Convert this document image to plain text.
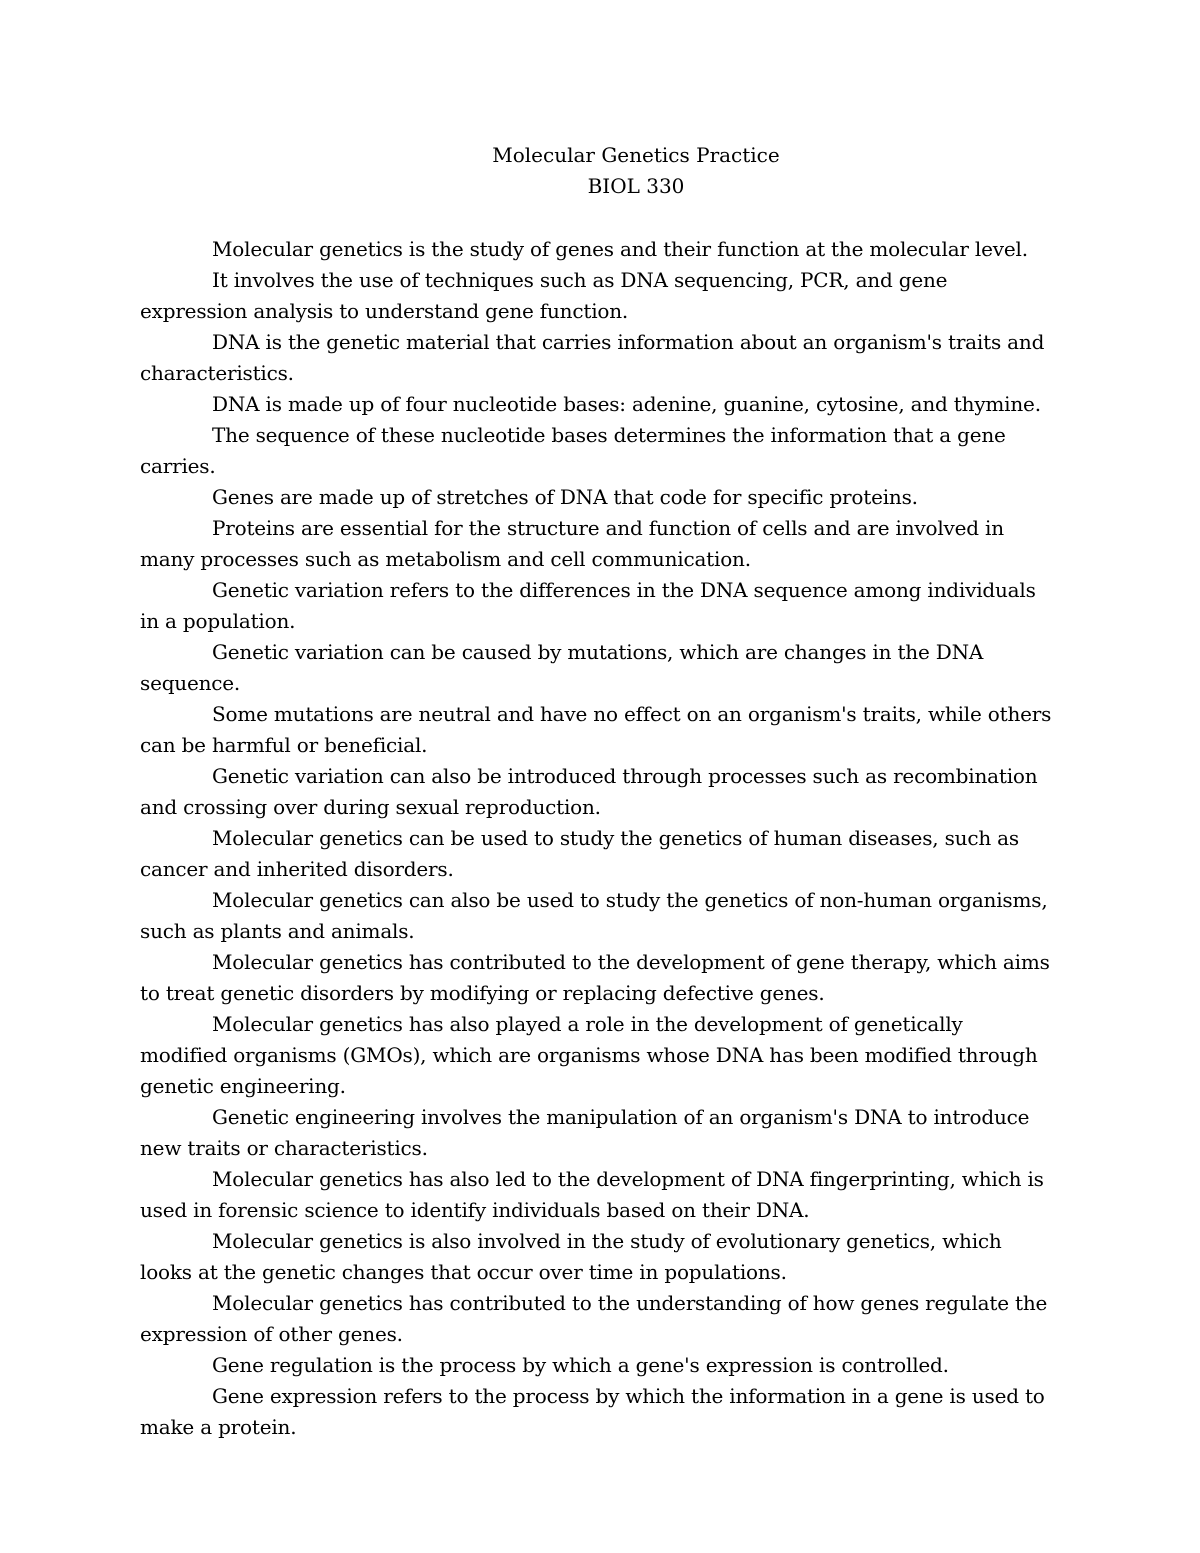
Molecular Genetics Practice
BIOL 330

Molecular genetics is the study of genes and their function at the molecular level.

It involves the use of techniques such as DNA sequencing, PCR, and gene expression analysis to understand gene function.

DNA is the genetic material that carries information about an organism's traits and characteristics.

DNA is made up of four nucleotide bases: adenine, guanine, cytosine, and thymine.

The sequence of these nucleotide bases determines the information that a gene carries.

Genes are made up of stretches of DNA that code for specific proteins.

Proteins are essential for the structure and function of cells and are involved in many processes such as metabolism and cell communication.

Genetic variation refers to the differences in the DNA sequence among individuals in a population.

Genetic variation can be caused by mutations, which are changes in the DNA sequence.

Some mutations are neutral and have no effect on an organism's traits, while others can be harmful or beneficial.

Genetic variation can also be introduced through processes such as recombination and crossing over during sexual reproduction.

Molecular genetics can be used to study the genetics of human diseases, such as cancer and inherited disorders.

Molecular genetics can also be used to study the genetics of non-human organisms, such as plants and animals.

Molecular genetics has contributed to the development of gene therapy, which aims to treat genetic disorders by modifying or replacing defective genes.

Molecular genetics has also played a role in the development of genetically modified organisms (GMOs), which are organisms whose DNA has been modified through genetic engineering.

Genetic engineering involves the manipulation of an organism's DNA to introduce new traits or characteristics.

Molecular genetics has also led to the development of DNA fingerprinting, which is used in forensic science to identify individuals based on their DNA.

Molecular genetics is also involved in the study of evolutionary genetics, which looks at the genetic changes that occur over time in populations.

Molecular genetics has contributed to the understanding of how genes regulate the expression of other genes.

Gene regulation is the process by which a gene's expression is controlled.

Gene expression refers to the process by which the information in a gene is used to make a protein.
